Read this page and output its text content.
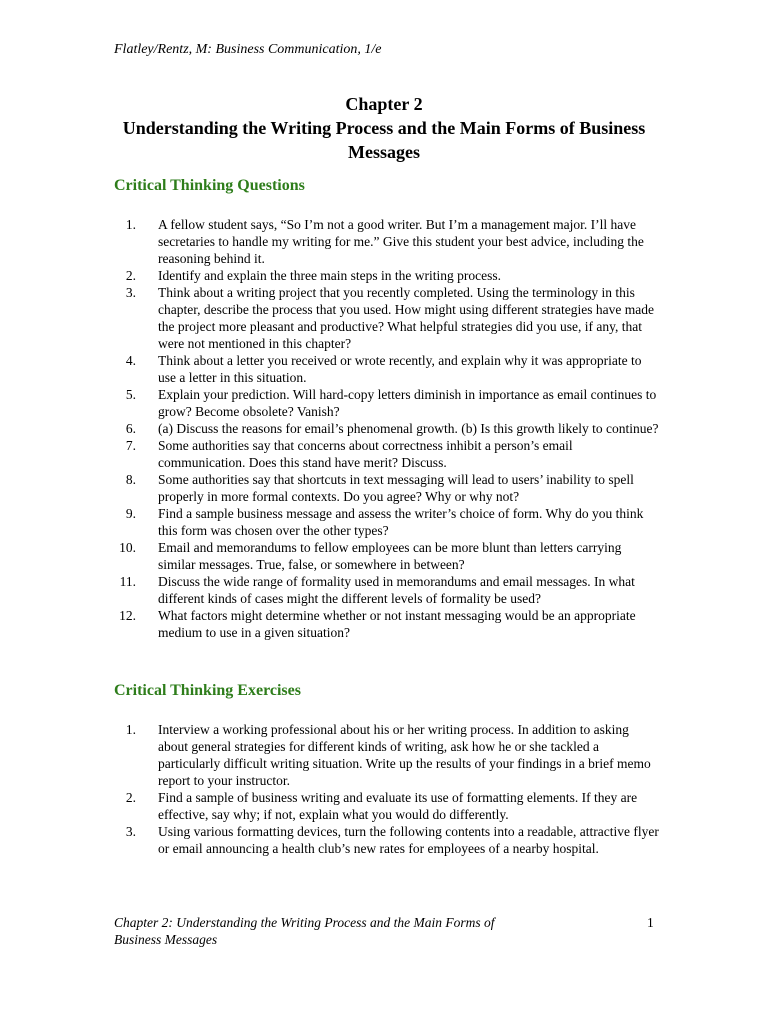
Flatley/Rentz, M: Business Communication, 1/e
Chapter 2
Understanding the Writing Process and the Main Forms of Business Messages
Critical Thinking Questions
1. A fellow student says, “So I’m not a good writer. But I’m a management major. I’ll have secretaries to handle my writing for me.” Give this student your best advice, including the reasoning behind it.
2. Identify and explain the three main steps in the writing process.
3. Think about a writing project that you recently completed. Using the terminology in this chapter, describe the process that you used. How might using different strategies have made the project more pleasant and productive? What helpful strategies did you use, if any, that were not mentioned in this chapter?
4. Think about a letter you received or wrote recently, and explain why it was appropriate to use a letter in this situation.
5. Explain your prediction. Will hard-copy letters diminish in importance as email continues to grow? Become obsolete? Vanish?
6. (a) Discuss the reasons for email’s phenomenal growth. (b) Is this growth likely to continue?
7. Some authorities say that concerns about correctness inhibit a person’s email communication. Does this stand have merit? Discuss.
8. Some authorities say that shortcuts in text messaging will lead to users’ inability to spell properly in more formal contexts. Do you agree? Why or why not?
9. Find a sample business message and assess the writer’s choice of form. Why do you think this form was chosen over the other types?
10. Email and memorandums to fellow employees can be more blunt than letters carrying similar messages. True, false, or somewhere in between?
11. Discuss the wide range of formality used in memorandums and email messages. In what different kinds of cases might the different levels of formality be used?
12. What factors might determine whether or not instant messaging would be an appropriate medium to use in a given situation?
Critical Thinking Exercises
1. Interview a working professional about his or her writing process. In addition to asking about general strategies for different kinds of writing, ask how he or she tackled a particularly difficult writing situation. Write up the results of your findings in a brief memo report to your instructor.
2. Find a sample of business writing and evaluate its use of formatting elements. If they are effective, say why; if not, explain what you would do differently.
3. Using various formatting devices, turn the following contents into a readable, attractive flyer or email announcing a health club’s new rates for employees of a nearby hospital.
Chapter 2: Understanding the Writing Process and the Main Forms of Business Messages
1
